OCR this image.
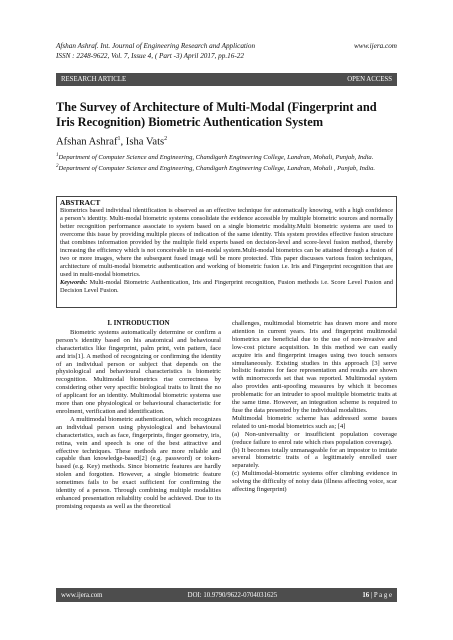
Afshan Ashraf. Int. Journal of Engineering Research and Application	www.ijera.com
ISSN : 2248-9622, Vol. 7, Issue 4, ( Part -3) April 2017, pp.16-22
RESEARCH ARTICLE	OPEN ACCESS
The Survey of Architecture of Multi-Modal (Fingerprint and Iris Recognition) Biometric Authentication System
Afshan Ashraf$^1$, Isha Vats$^2$
$^1$Department of Computer Science and Engineering, Chandigarh Engineering College, Landran, Mohali, Punjab, India.
$^2$Department of Computer Science and Engineering, Chandigarh Engineering College, Landran, Mohali , Punjab, India.
ABSTRACT
Biometrics based individual identification is observed as an effective technique for automatically knowing, with a high confidence a person’s identity. Multi-modal biometric systems consolidate the evidence accessible by multiple biometric sources and normally better recognition performance associate to system based on a single biometric modality.Multi biometric systems are used to overcome this issue by providing multiple pieces of indication of the same identity. This system provides effective fusion structure that combines information provided by the multiple field experts based on decision-level and score-level fusion method, thereby increasing the efficiency which is not conceivable in uni-modal system.Multi-modal biometrics can be attained through a fusion of two or more images, where the subsequent fused image will be more protected. This paper discusses various fusion techniques, architecture of multi-modal biometric authentication and working of biometric fusion i.e. Iris and Fingerprint recognition that are used in multi-modal biometrics.
Keywords: Multi-modal Biometric Authentication, Iris and Fingerprint recognition, Fusion methods i.e. Score Level Fusion and Decision Level Fusion.
I. INTRODUCTION

Biometric systems automatically determine or confirm a person’s identity based on his anatomical and behavioural characteristics like fingerprint, palm print, vein pattern, face and iris[1]. A method of recognizing or confirming the identity of an individual person or subject that depends on the physiological and behavioural characteristics is biometric recognition. Multimodal biometrics rise correctness by considering other very specific biological traits to limit the no of applicant for an identity. Multimodal biometric systems use more than one physiological or behavioural characteristic for enrolment, verification and identification.

A multimodal biometric authentication, which recognizes an individual person using physiological and behavioural characteristics, such as face, fingerprints, finger geometry, iris, retina, vein and speech is one of the best attractive and effective techniques. These methods are more reliable and capable than knowledge-based[2] (e.g. password) or token-based (e.g. Key) methods. Since biometric features are hardly stolen and forgotten. However, a single biometric feature sometimes fails to be exact sufficient for confirming the identity of a person. Through combining multiple modalities enhanced presentation reliability could be achieved. Due to its promising requests as well as the theoretical

challenges, multimodal biometric has drawn more and more attention in current years. Iris and fingerprint multimodal biometrics are beneficial due to the use of non-invasive and low-cost picture acquisition. In this method we can easily acquire iris and fingerprint images using two touch sensors simultaneously. Existing studies in this approach [3] serve holistic features for face representation and results are shown with minorrecords set that was reported. Multimodal system also provides anti-spoofing measures by which it becomes problematic for an intruder to spool multiple biometric traits at the same time. However, an integration scheme is required to fuse the data presented by the individual modalities.

Multimodal biometric scheme has addressed some issues related to uni-modal biometrics such as; [4]

(a) Non-universality or insufficient population coverage (reduce failure to enrol rate which rises population coverage).

(b) It becomes totally unmanageable for an impostor to imitate several biometric traits of a legitimately enrolled user separately.

(c) Multimodal-biometric systems offer climbing evidence in solving the difficulty of noisy data (illness affecting voice, scar affecting fingerprint)

www.ijera.com	DOI: 10.9790/9622-0704031625	16 | P a g e
